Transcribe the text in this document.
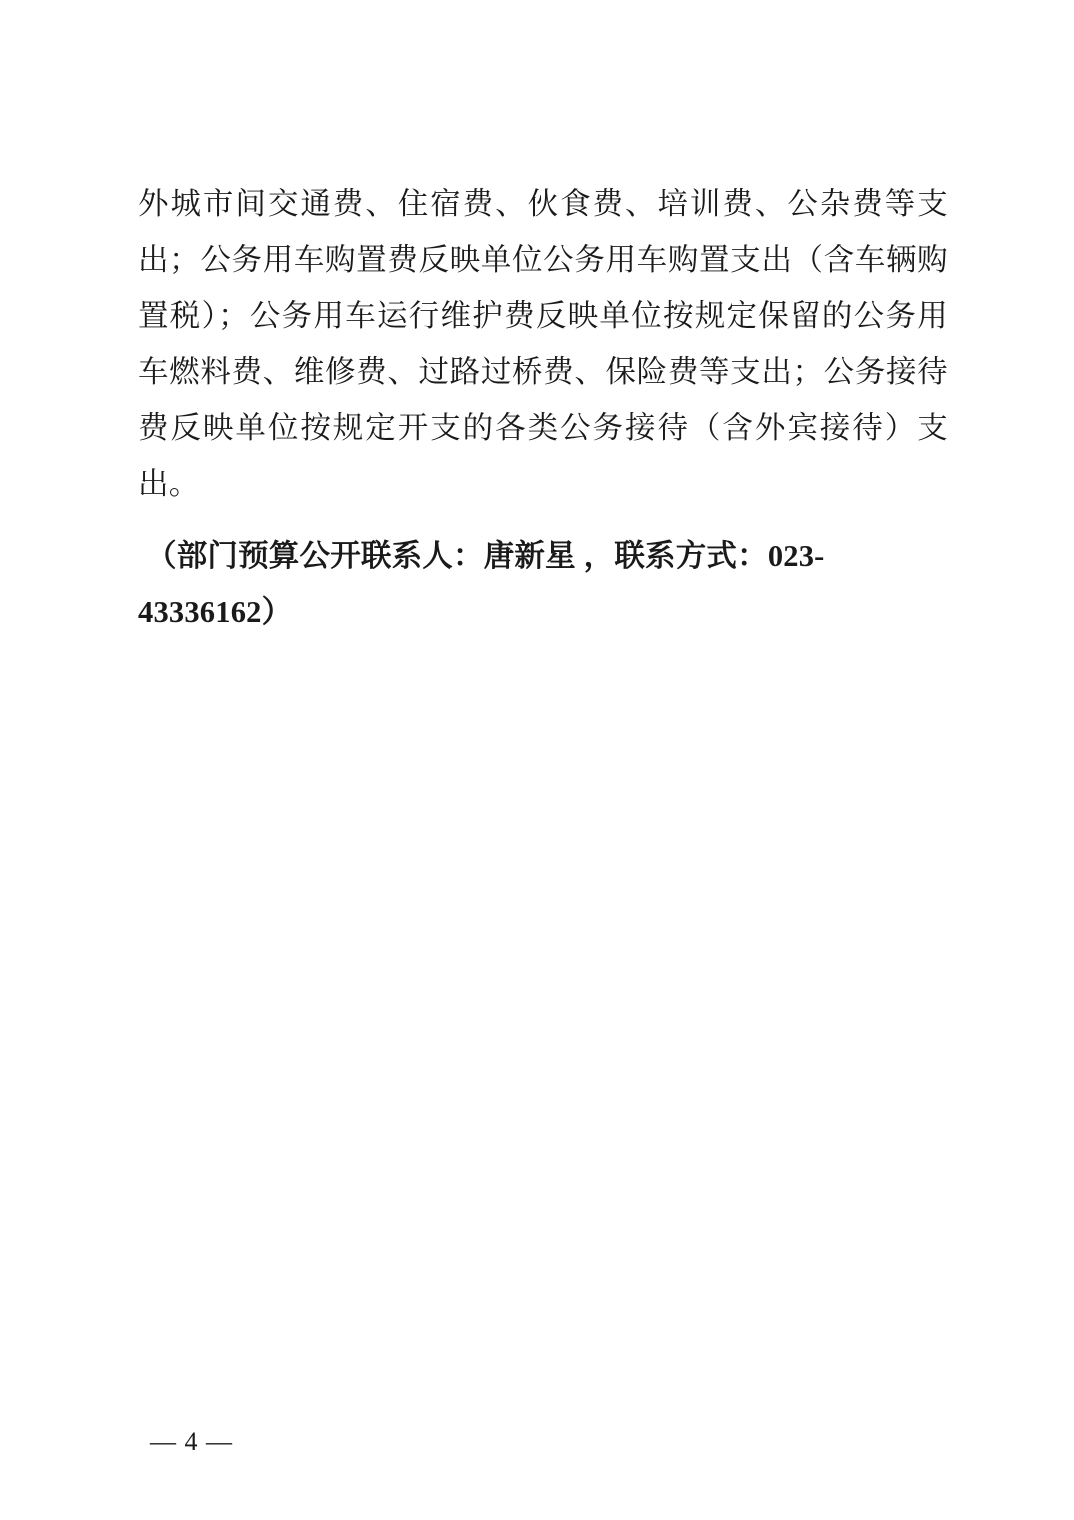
外城市间交通费、住宿费、伙食费、培训费、公杂费等支出；公务用车购置费反映单位公务用车购置支出（含车辆购置税）；公务用车运行维护费反映单位按规定保留的公务用车燃料费、维修费、过路过桥费、保险费等支出；公务接待费反映单位按规定开支的各类公务接待（含外宾接待）支出。

（部门预算公开联系人：唐新星 ，联系方式：023-43336162）

— 4 —
